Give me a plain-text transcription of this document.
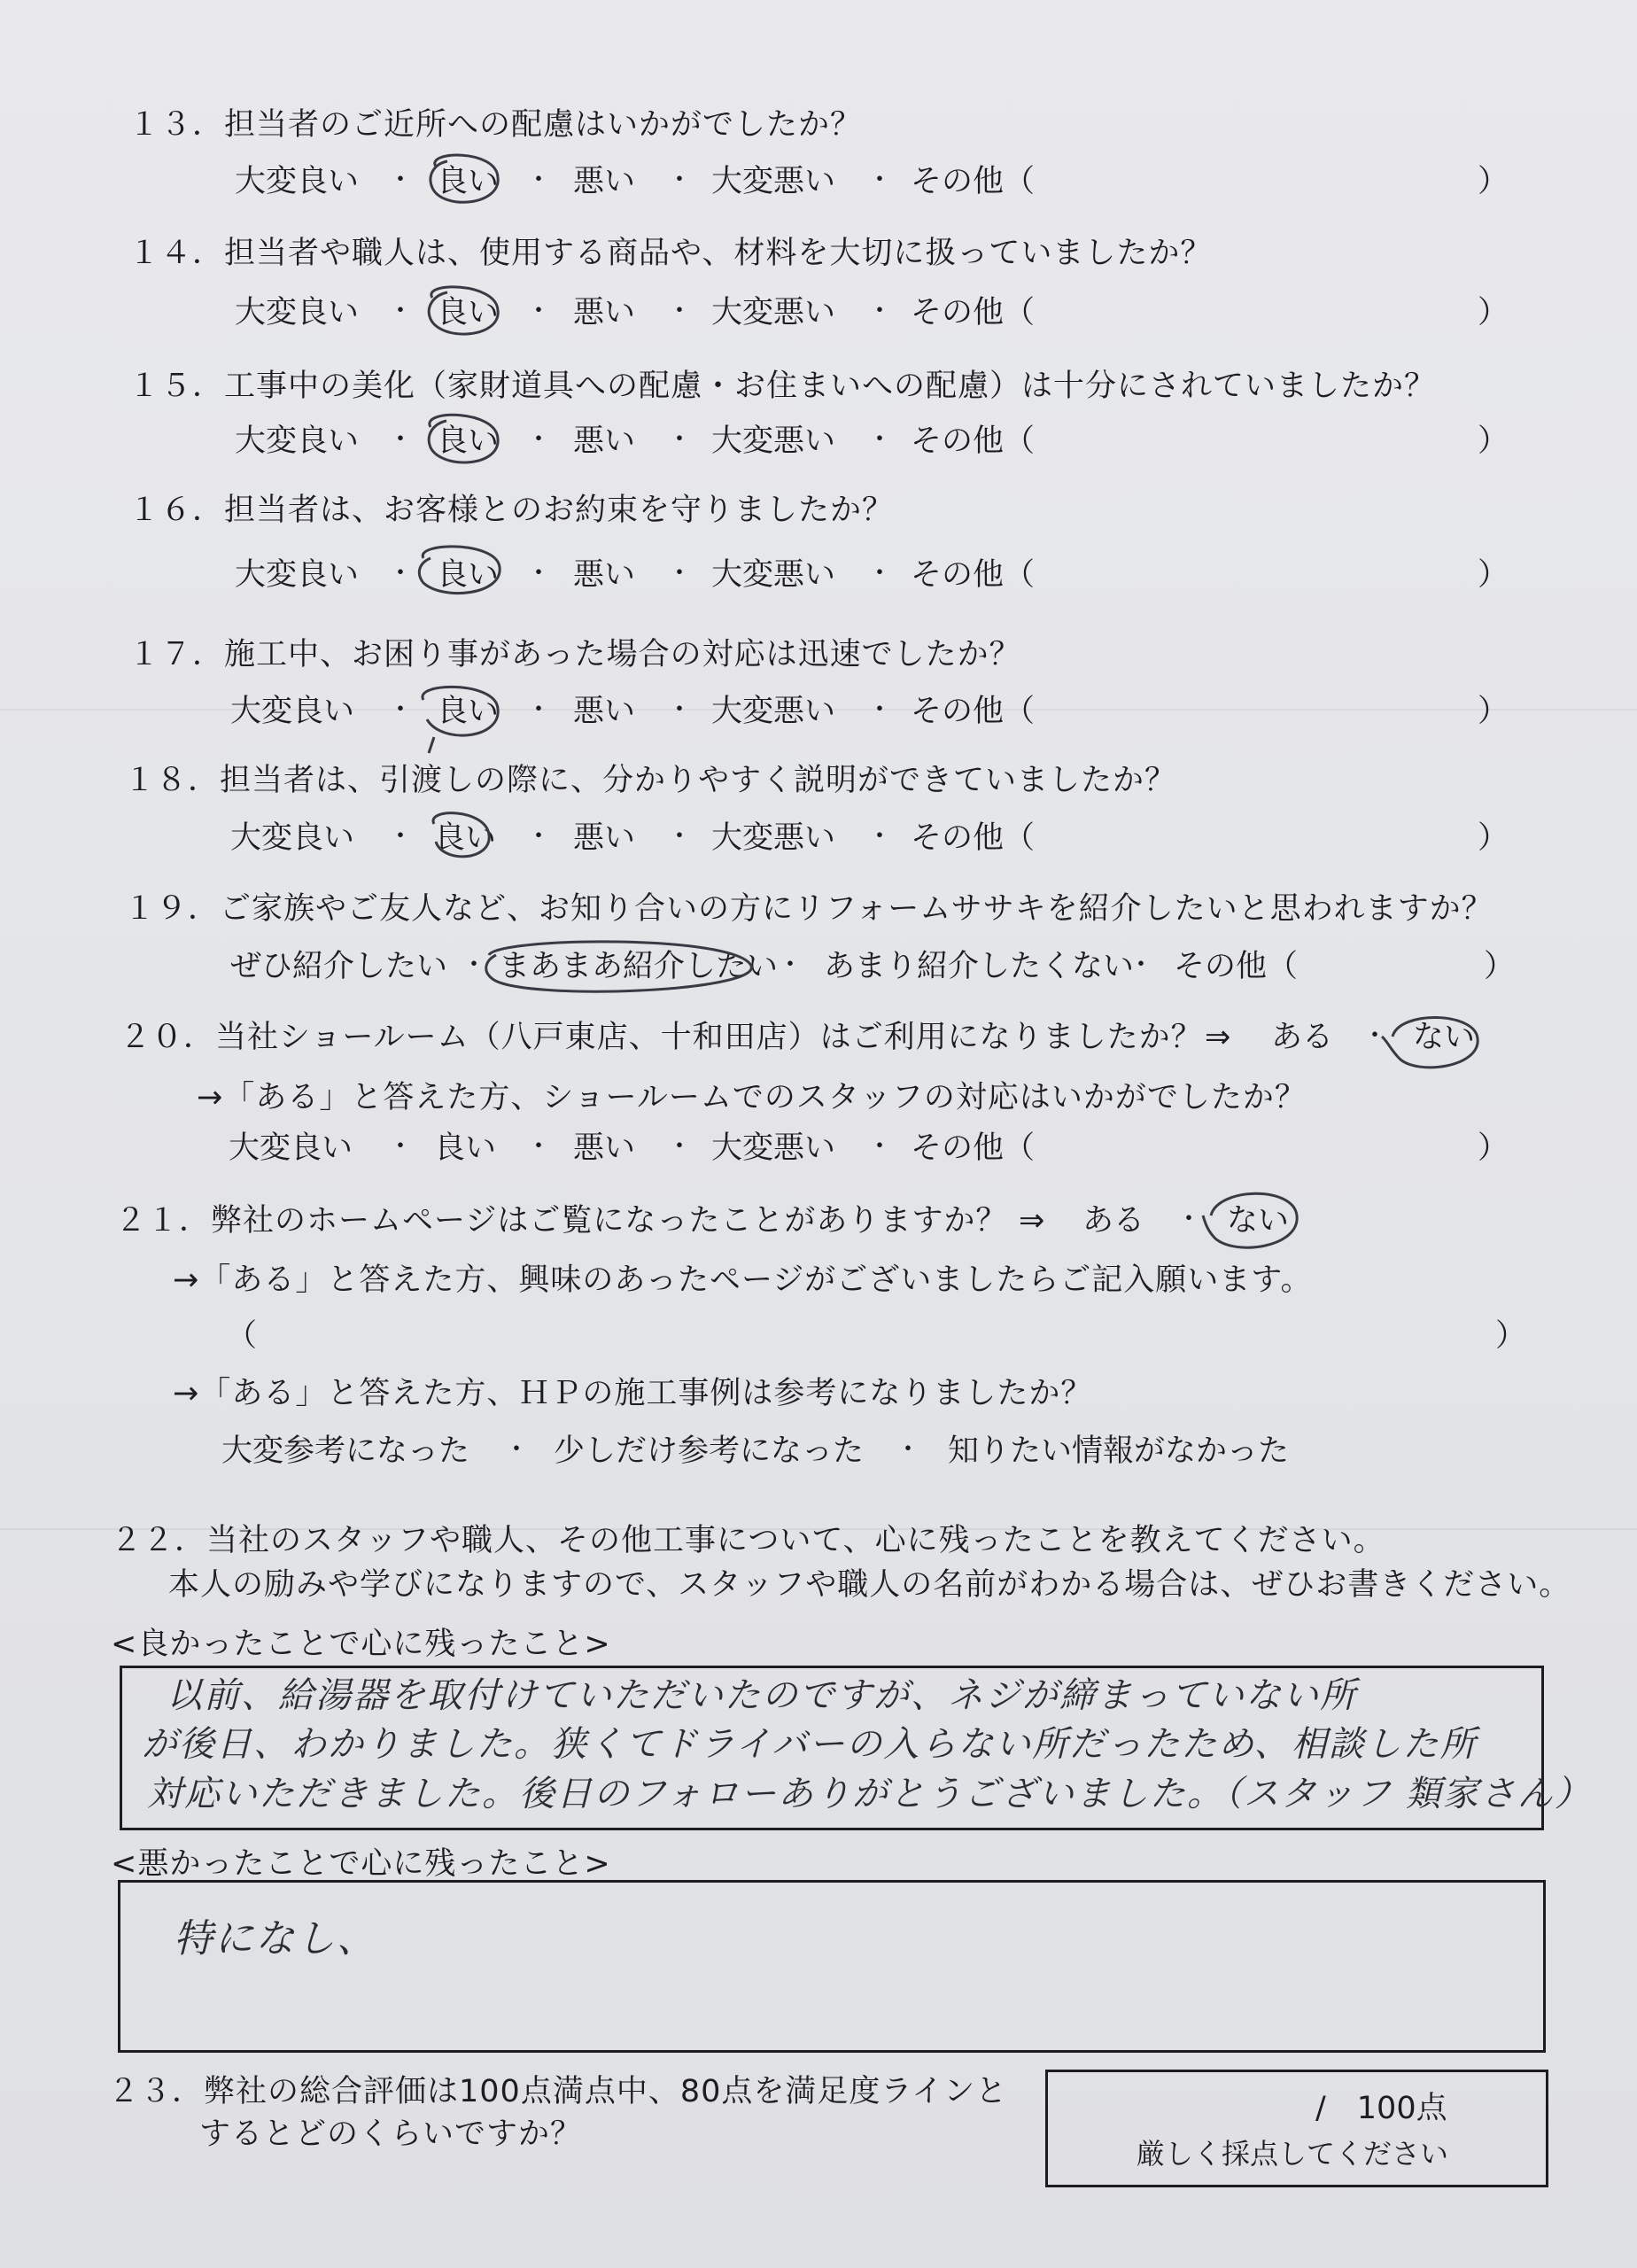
１３．担当者のご近所への配慮はいかがでしたか？
大変良い ・ 良い ・ 悪い ・ 大変悪い ・ その他（	）
１４．担当者や職人は、使用する商品や、材料を大切に扱っていましたか？
大変良い ・ 良い ・ 悪い ・ 大変悪い ・ その他（	）
１５．工事中の美化（家財道具への配慮・お住まいへの配慮）は十分にされていましたか？
大変良い ・ 良い ・ 悪い ・ 大変悪い ・ その他（	）
１６．担当者は、お客様とのお約束を守りましたか？
大変良い ・ 良い ・ 悪い ・ 大変悪い ・ その他（	）
１７．施工中、お困り事があった場合の対応は迅速でしたか？
大変良い ・ 良い ・ 悪い ・ 大変悪い ・ その他（	）
１８．担当者は、引渡しの際に、分かりやすく説明ができていましたか？
大変良い ・ 良い ・ 悪い ・ 大変悪い ・ その他（	）
１９．ご家族やご友人など、お知り合いの方にリフォームササキを紹介したいと思われますか？
ぜひ紹介したい ・ まあまあ紹介したい
・ あまり紹介したくない
・ その他（	）
２０．当社ショールーム（八戸東店、十和田店）はご利用になりましたか？ ⇒ ある ・ ない
→「ある」と答えた方、ショールームでのスタッフの対応はいかがでしたか？
大変良い ・ 良い ・ 悪い ・ 大変悪い ・ その他（	）
２１．弊社のホームページはご覧になったことがありますか？ ⇒ ある ・ ない
→「ある」と答えた方、興味のあったページがございましたらご記入願います。
（	）
→「ある」と答えた方、ＨＰの施工事例は参考になりましたか？
大変参考になった ・ 少しだけ参考になった ・ 知りたい情報がなかった
２２．当社のスタッフや職人、その他工事について、心に残ったことを教えてください。
本人の励みや学びになりますので、スタッフや職人の名前がわかる場合は、ぜひお書きください。
<良かったことで心に残ったこと>
以前、給湯器を取付けていただいたのですが、ネジが締まっていない所
が後日、わかりました。狭くてドライバーの入らない所だったため、相談した所
対応いただきました。後日のフォローありがとうございました。（スタッフ 類家さん）
<悪かったことで心に残ったこと>
特になし、
２３．弊社の総合評価は100点満点中、80点を満足度ラインと
するとどのくらいですか？
/　100点
厳しく採点してください
